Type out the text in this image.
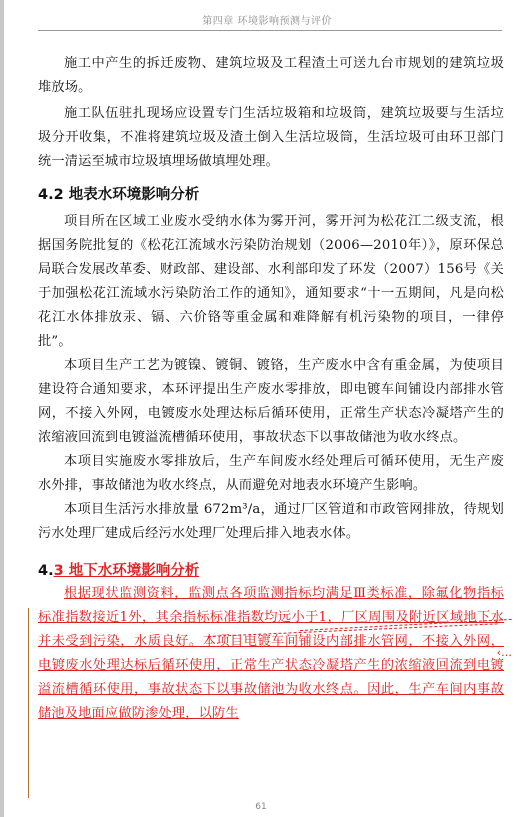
第四章 环境影响预测与评价

施工中产生的拆迁废物、建筑垃圾及工程渣土可送九台市规划的建筑垃圾堆放场。

施工队伍驻扎现场应设置专门生活垃圾箱和垃圾筒，建筑垃圾要与生活垃圾分开收集，不准将建筑垃圾及渣土倒入生活垃圾筒，生活垃圾可由环卫部门统一清运至城市垃圾填埋场做填埋处理。

4.2 地表水环境影响分析

项目所在区域工业废水受纳水体为雾开河，雾开河为松花江二级支流，根据国务院批复的《松花江流域水污染防治规划（2006—2010年）》，原环保总局联合发展改革委、财政部、建设部、水利部印发了环发（2007）156号《关于加强松花江流域水污染防治工作的通知》，通知要求“十一五期间，凡是向松花江水体排放汞、镉、六价铬等重金属和难降解有机污染物的项目，一律停批”。

本项目生产工艺为镀镍、镀铜、镀铬，生产废水中含有重金属，为使项目建设符合通知要求，本环评提出生产废水零排放，即电镀车间铺设内部排水管网，不接入外网，电镀废水处理达标后循环使用，正常生产状态冷凝塔产生的浓缩液回流到电镀溢流槽循环使用，事故状态下以事故储池为收水终点。

本项目实施废水零排放后，生产车间废水经处理后可循环使用，无生产废水外排，事故储池为收水终点，从而避免对地表水环境产生影响。

本项目生活污水排放量 672m³/a，通过厂区管道和市政管网排放，待规划污水处理厂建成后经污水处理厂处理后排入地表水体。

4.3 地下水环境影响分析

根据现状监测资料，监测点各项监测指标均满足Ⅲ类标准，除氟化物指标标准指数接近1外，其余指标标准指数均远小于1，厂区周围及附近区域地下水并未受到污染，水质良好。本项目电镀车间铺设内部排水管网，不接入外网，电镀废水处理达标后循环使用，正常生产状态冷凝塔产生的浓缩液回流到电镀溢流槽循环使用，事故状态下以事故储池为收水终点。因此，生产车间内事故储池及地面应做防渗处理，以防生

‹…
61
